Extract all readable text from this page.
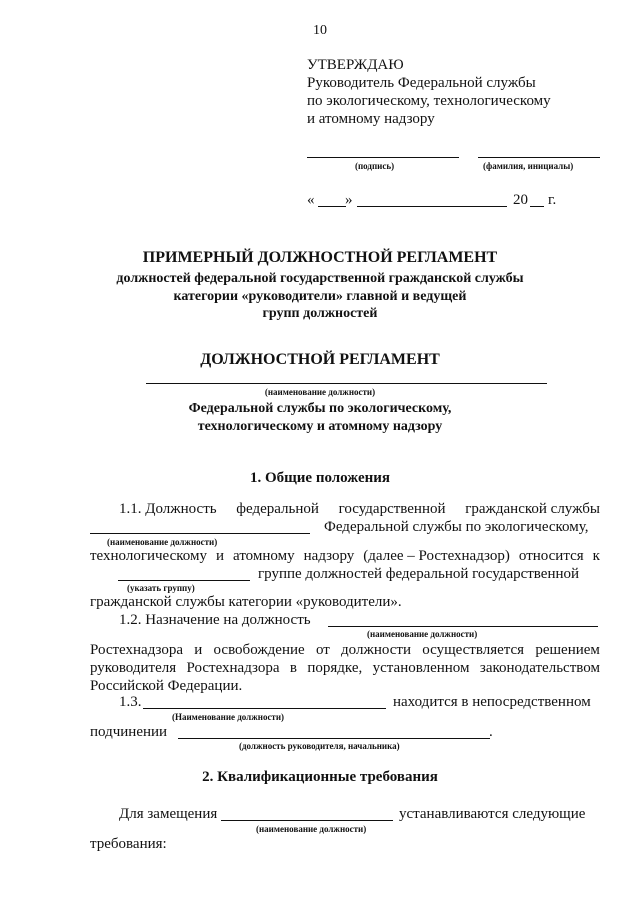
10
УТВЕРЖДАЮ
Руководитель Федеральной службы
по экологическому, технологическому
и атомному надзору
(подпись)	(фамилия, инициалы)
« »	20 г.
ПРИМЕРНЫЙ ДОЛЖНОСТНОЙ РЕГЛАМЕНТ
должностей федеральной государственной гражданской службы
категории «руководители» главной и ведущей
групп должностей
ДОЛЖНОСТНОЙ РЕГЛАМЕНТ
(наименование должности)
Федеральной службы по экологическому,
технологическому и атомному надзору
1. Общие положения
1.1. Должность федеральной государственной гражданской службы
Федеральной службы по экологическому,
(наименование должности)
технологическому и атомному надзору (далее – Ростехнадзор) относится к
группе должностей федеральной государственной
(указать группу)
гражданской службы категории «руководители».
1.2. Назначение на должность
(наименование должности)
Ростехнадзора и освобождение от должности осуществляется решением
руководителя Ростехнадзора в порядке, установленном законодательством
Российской Федерации.
1.3.	находится в непосредственном
(Наименование должности)
подчинении	.
(должность руководителя, начальника)
2. Квалификационные требования
Для замещения	устанавливаются следующие
(наименование должности)
требования:
